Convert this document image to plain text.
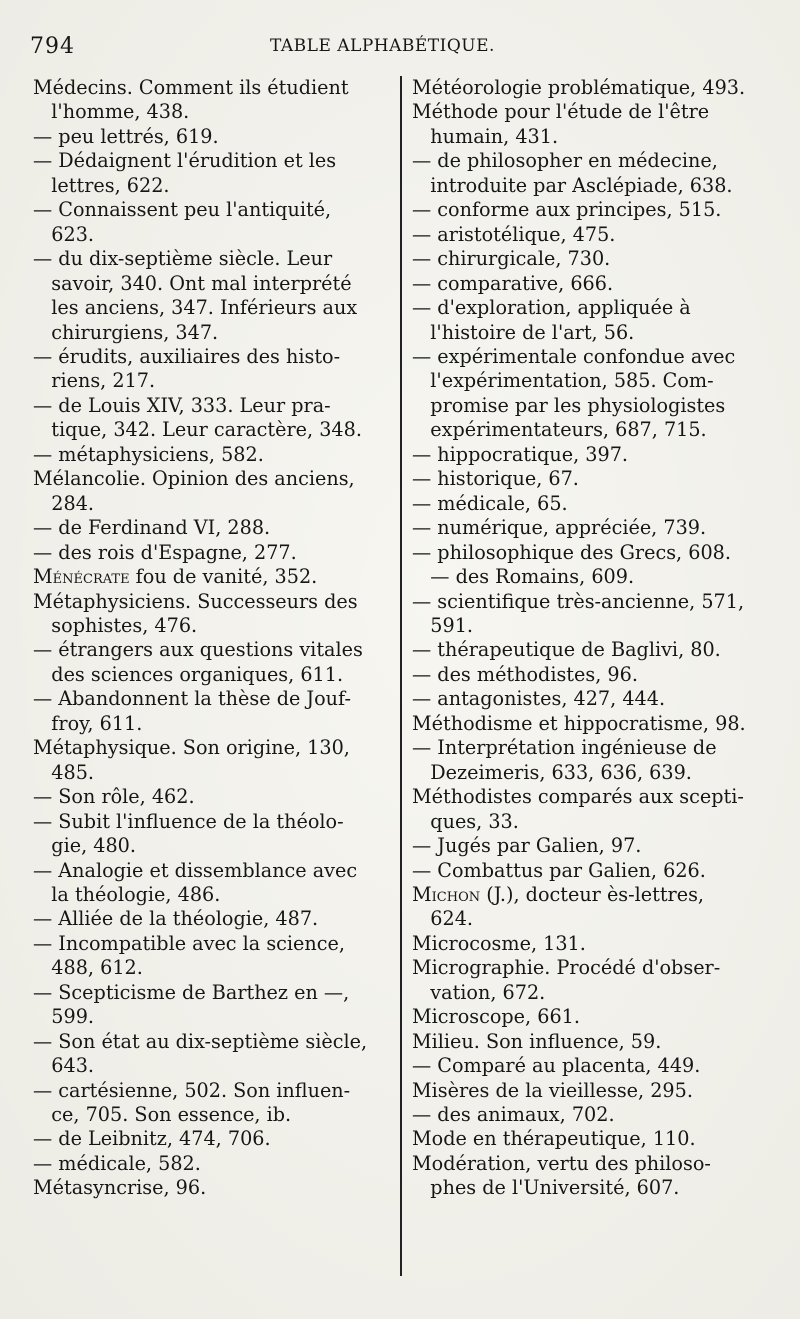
794	TABLE ALPHABÉTIQUE.
Médecins. Comment ils étudient
l'homme, 438.
— peu lettrés, 619.
— Dédaignent l'érudition et les
lettres, 622.
— Connaissent peu l'antiquité,
623.
— du dix-septième siècle. Leur
savoir, 340. Ont mal interprété
les anciens, 347. Inférieurs aux
chirurgiens, 347.
— érudits, auxiliaires des histo-
riens, 217.
— de Louis XIV, 333. Leur pra-
tique, 342. Leur caractère, 348.
— métaphysiciens, 582.
Mélancolie. Opinion des anciens,
284.
— de Ferdinand VI, 288.
— des rois d'Espagne, 277.
Ménécrate fou de vanité, 352.
Métaphysiciens. Successeurs des
sophistes, 476.
— étrangers aux questions vitales
des sciences organiques, 611.
— Abandonnent la thèse de Jouf-
froy, 611.
Métaphysique. Son origine, 130,
485.
— Son rôle, 462.
— Subit l'influence de la théolo-
gie, 480.
— Analogie et dissemblance avec
la théologie, 486.
— Alliée de la théologie, 487.
— Incompatible avec la science,
488, 612.
— Scepticisme de Barthez en —,
599.
— Son état au dix-septième siècle,
643.
— cartésienne, 502. Son influen-
ce, 705. Son essence, ib.
— de Leibnitz, 474, 706.
— médicale, 582.
Métasyncrise, 96.
Météorologie problématique, 493.
Méthode pour l'étude de l'être
humain, 431.
— de philosopher en médecine,
introduite par Asclépiade, 638.
— conforme aux principes, 515.
— aristotélique, 475.
— chirurgicale, 730.
— comparative, 666.
— d'exploration, appliquée à
l'histoire de l'art, 56.
— expérimentale confondue avec
l'expérimentation, 585. Com-
promise par les physiologistes
expérimentateurs, 687, 715.
— hippocratique, 397.
— historique, 67.
— médicale, 65.
— numérique, appréciée, 739.
— philosophique des Grecs, 608.
— des Romains, 609.
— scientifique très-ancienne, 571,
591.
— thérapeutique de Baglivi, 80.
— des méthodistes, 96.
— antagonistes, 427, 444.
Méthodisme et hippocratisme, 98.
— Interprétation ingénieuse de
Dezeimeris, 633, 636, 639.
Méthodistes comparés aux scepti-
ques, 33.
— Jugés par Galien, 97.
— Combattus par Galien, 626.
Michon (J.), docteur ès-lettres,
624.
Microcosme, 131.
Micrographie. Procédé d'obser-
vation, 672.
Microscope, 661.
Milieu. Son influence, 59.
— Comparé au placenta, 449.
Misères de la vieillesse, 295.
— des animaux, 702.
Mode en thérapeutique, 110.
Modération, vertu des philoso-
phes de l'Université, 607.
